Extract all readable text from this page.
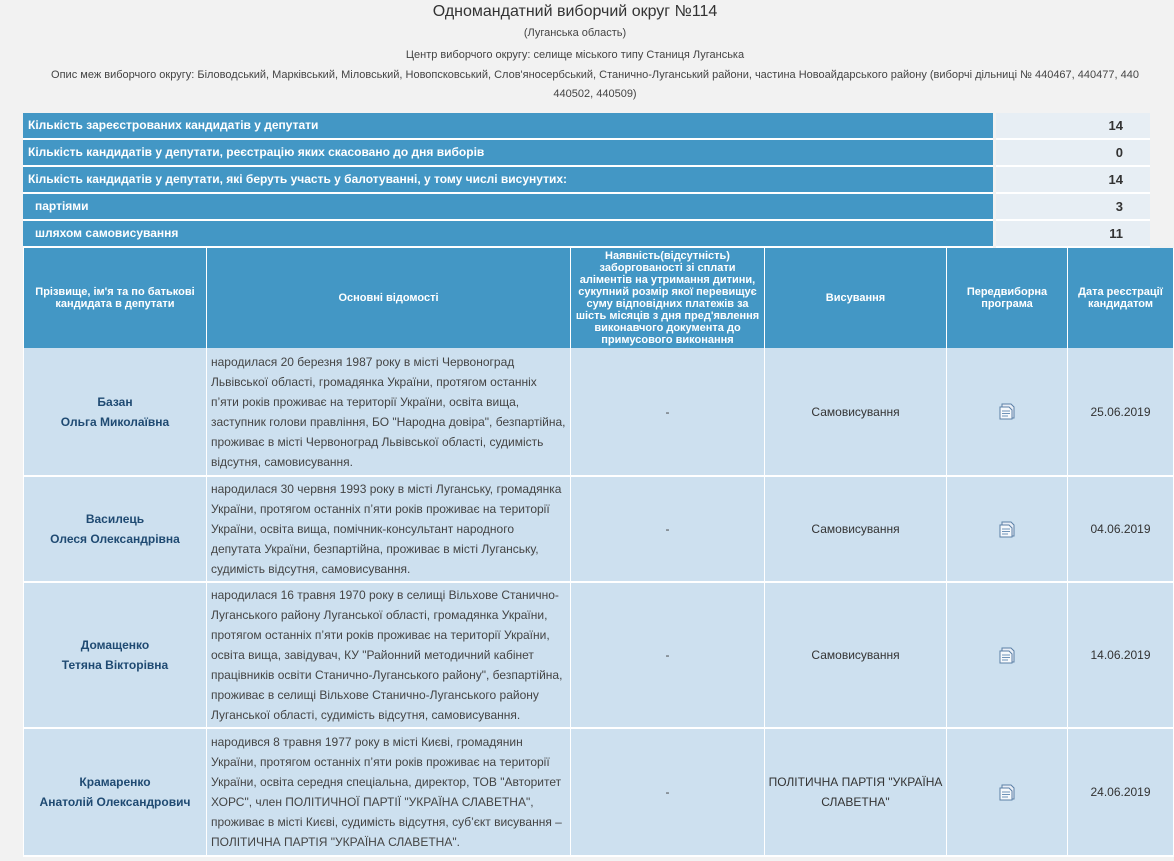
Одномандатний виборчий округ №114
(Луганська область)
Центр виборчого округу: селище міського типу Станиця Луганська
Опис меж виборчого округу: Біловодський, Марківський, Міловський, Новопсковський, Слов'яносербський, Станично-Луганський райони, частина Новоайдарського району (виборчі дільниці № 440467, 440477, 440
440502, 440509)
Кількість зареєстрованих кандидатів у депутати	14
Кількість кандидатів у депутати, реєстрацію яких скасовано до дня виборів	0
Кількість кандидатів у депутати, які беруть участь у балотуванні, у тому числі висунутих:	14
партіями	3
шляхом самовисування	11
Прізвище, ім'я та по батькові кандидата в депутати	Основні відомості	Наявність(відсутність) заборгованості зі сплати аліментів на утримання дитини, сукупний розмір якої перевищує суму відповідних платежів за шість місяців з дня пред'явлення виконавчого документа до примусового виконання	Висування	Передвиборна програма	Дата реєстрації кандидатом

Базан
Ольга Миколаївна	народилася 20 березня 1987 року в місті Червоноград Львівської області, громадянка України, протягом останніх п’яти років проживає на території України, освіта вища, заступник голови правління, БО "Народна довіра", безпартійна, проживає в місті Червоноград Львівської області, судимість відсутня, самовисування.	-	Самовисування		25.06.2019

Василець
Олеся Олександрівна	народилася 30 червня 1993 року в місті Луганську, громадянка України, протягом останніх п’яти років проживає на території України, освіта вища, помічник-консультант народного депутата України, безпартійна, проживає в місті Луганську, судимість відсутня, самовисування.	-	Самовисування		04.06.2019

Домащенко
Тетяна Вікторівна	народилася 16 травня 1970 року в селищі Вільхове Станично-Луганського району Луганської області, громадянка України, протягом останніх п’яти років проживає на території України, освіта вища, завідувач, КУ "Районний методичний кабінет працівників освіти Станично-Луганського району", безпартійна, проживає в селищі Вільхове Станично-Луганського району Луганської області, судимість відсутня, самовисування.	-	Самовисування		14.06.2019

Крамаренко
Анатолій Олександрович	народився 8 травня 1977 року в місті Києві, громадянин України, протягом останніх п’яти років проживає на території України, освіта середня спеціальна, директор, ТОВ "Авторитет ХОРС", член ПОЛІТИЧНОЇ ПАРТІЇ "УКРАЇНА СЛАВЕТНА", проживає в місті Києві, судимість відсутня, суб’єкт висування – ПОЛІТИЧНА ПАРТІЯ "УКРАЇНА СЛАВЕТНА".	-	ПОЛІТИЧНА ПАРТІЯ "УКРАЇНА СЛАВЕТНА"		24.06.2019
